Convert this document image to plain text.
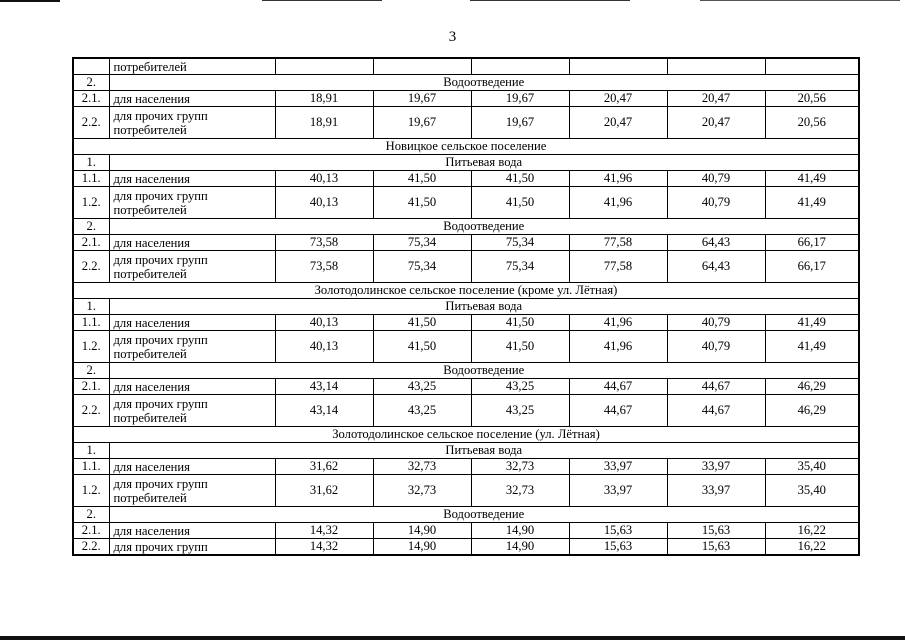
3
	потребителей						
2.	Водоотведение						
2.1.	для населения	18,91	19,67	19,67	20,47	20,47	20,56
2.2.	для прочих групп потребителей	18,91	19,67	19,67	20,47	20,47	20,56
Новицкое сельское поселение							
1.	Питьевая вода						
1.1.	для населения	40,13	41,50	41,50	41,96	40,79	41,49
1.2.	для прочих групп потребителей	40,13	41,50	41,50	41,96	40,79	41,49
2.	Водоотведение						
2.1.	для населения	73,58	75,34	75,34	77,58	64,43	66,17
2.2.	для прочих групп потребителей	73,58	75,34	75,34	77,58	64,43	66,17
Золотодолинское сельское поселение (кроме ул. Лётная)							
1.	Питьевая вода						
1.1.	для населения	40,13	41,50	41,50	41,96	40,79	41,49
1.2.	для прочих групп потребителей	40,13	41,50	41,50	41,96	40,79	41,49
2.	Водоотведение						
2.1.	для населения	43,14	43,25	43,25	44,67	44,67	46,29
2.2.	для прочих групп потребителей	43,14	43,25	43,25	44,67	44,67	46,29
Золотодолинское сельское поселение (ул. Лётная)							
1.	Питьевая вода						
1.1.	для населения	31,62	32,73	32,73	33,97	33,97	35,40
1.2.	для прочих групп потребителей	31,62	32,73	32,73	33,97	33,97	35,40
2.	Водоотведение						
2.1.	для населения	14,32	14,90	14,90	15,63	15,63	16,22
2.2.	для прочих групп	14,32	14,90	14,90	15,63	15,63	16,22
